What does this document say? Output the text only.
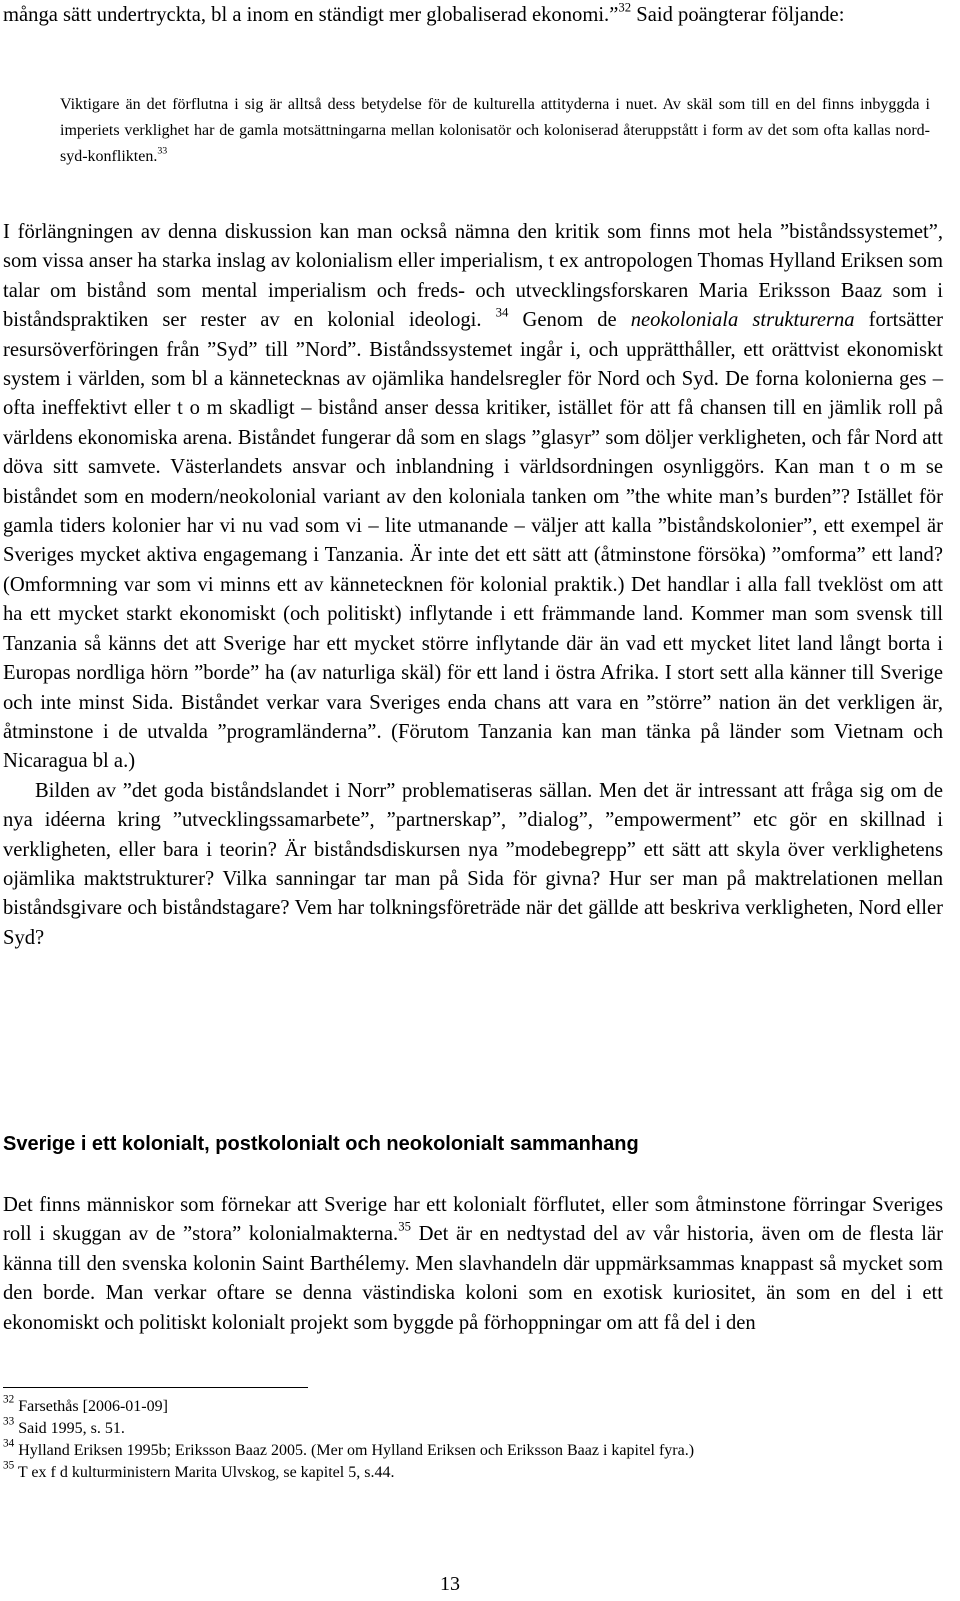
många sätt undertryckta, bl a inom en ständigt mer globaliserad ekonomi.”$^{32}$ Said poängterar följande:

Viktigare än det förflutna i sig är alltså dess betydelse för de kulturella attityderna i nuet. Av skäl som till en del finns inbyggda i imperiets verklighet har de gamla motsättningarna mellan kolonisatör och koloniserad återuppstått i form av det som ofta kallas nord-syd-konflikten.$^{33}$

I förlängningen av denna diskussion kan man också nämna den kritik som finns mot hela ”biståndssystemet”, som vissa anser ha starka inslag av kolonialism eller imperialism, t ex antropologen Thomas Hylland Eriksen som talar om bistånd som mental imperialism och freds- och utvecklingsforskaren Maria Eriksson Baaz som i biståndspraktiken ser rester av en kolonial ideologi. $^{34}$ Genom de neokoloniala strukturerna fortsätter resursöverföringen från ”Syd” till ”Nord”. Biståndssystemet ingår i, och upprätthåller, ett orättvist ekonomiskt system i världen, som bl a kännetecknas av ojämlika handelsregler för Nord och Syd. De forna kolonierna ges – ofta ineffektivt eller t o m skadligt – bistånd anser dessa kritiker, istället för att få chansen till en jämlik roll på världens ekonomiska arena. Biståndet fungerar då som en slags ”glasyr” som döljer verkligheten, och får Nord att döva sitt samvete. Västerlandets ansvar och inblandning i världsordningen osynliggörs. Kan man t o m se biståndet som en modern/neokolonial variant av den koloniala tanken om ”the white man’s burden”? Istället för gamla tiders kolonier har vi nu vad som vi – lite utmanande – väljer att kalla ”biståndskolonier”, ett exempel är Sveriges mycket aktiva engagemang i Tanzania. Är inte det ett sätt att (åtminstone försöka) ”omforma” ett land? (Omformning var som vi minns ett av kännetecknen för kolonial praktik.) Det handlar i alla fall tveklöst om att ha ett mycket starkt ekonomiskt (och politiskt) inflytande i ett främmande land. Kommer man som svensk till Tanzania så känns det att Sverige har ett mycket större inflytande där än vad ett mycket litet land långt borta i Europas nordliga hörn ”borde” ha (av naturliga skäl) för ett land i östra Afrika. I stort sett alla känner till Sverige och inte minst Sida. Biståndet verkar vara Sveriges enda chans att vara en ”större” nation än det verkligen är, åtminstone i de utvalda ”programländerna”. (Förutom Tanzania kan man tänka på länder som Vietnam och Nicaragua bl a.)
Bilden av ”det goda biståndslandet i Norr” problematiseras sällan. Men det är intressant att fråga sig om de nya idéerna kring ”utvecklingssamarbete”, ”partnerskap”, ”dialog”, ”empowerment” etc gör en skillnad i verkligheten, eller bara i teorin? Är biståndsdiskursen nya ”modebegrepp” ett sätt att skyla över verklighetens ojämlika maktstrukturer? Vilka sanningar tar man på Sida för givna? Hur ser man på maktrelationen mellan biståndsgivare och biståndstagare? Vem har tolkningsföreträde när det gällde att beskriva verkligheten, Nord eller Syd?

Sverige i ett kolonialt, postkolonialt och neokolonialt sammanhang

Det finns människor som förnekar att Sverige har ett kolonialt förflutet, eller som åtminstone förringar Sveriges roll i skuggan av de ”stora” kolonialmakterna.$^{35}$ Det är en nedtystad del av vår historia, även om de flesta lär känna till den svenska kolonin Saint Barthélemy. Men slavhandeln där uppmärksammas knappast så mycket som den borde. Man verkar oftare se denna västindiska koloni som en exotisk kuriositet, än som en del i ett ekonomiskt och politiskt kolonialt projekt som byggde på förhoppningar om att få del i den

$^{32}$ Farsethås [2006-01-09]

$^{33}$ Said 1995, s. 51.

$^{34}$ Hylland Eriksen 1995b; Eriksson Baaz 2005. (Mer om Hylland Eriksen och Eriksson Baaz i kapitel fyra.)

$^{35}$ T ex f d kulturministern Marita Ulvskog, se kapitel 5, s.44.

13
